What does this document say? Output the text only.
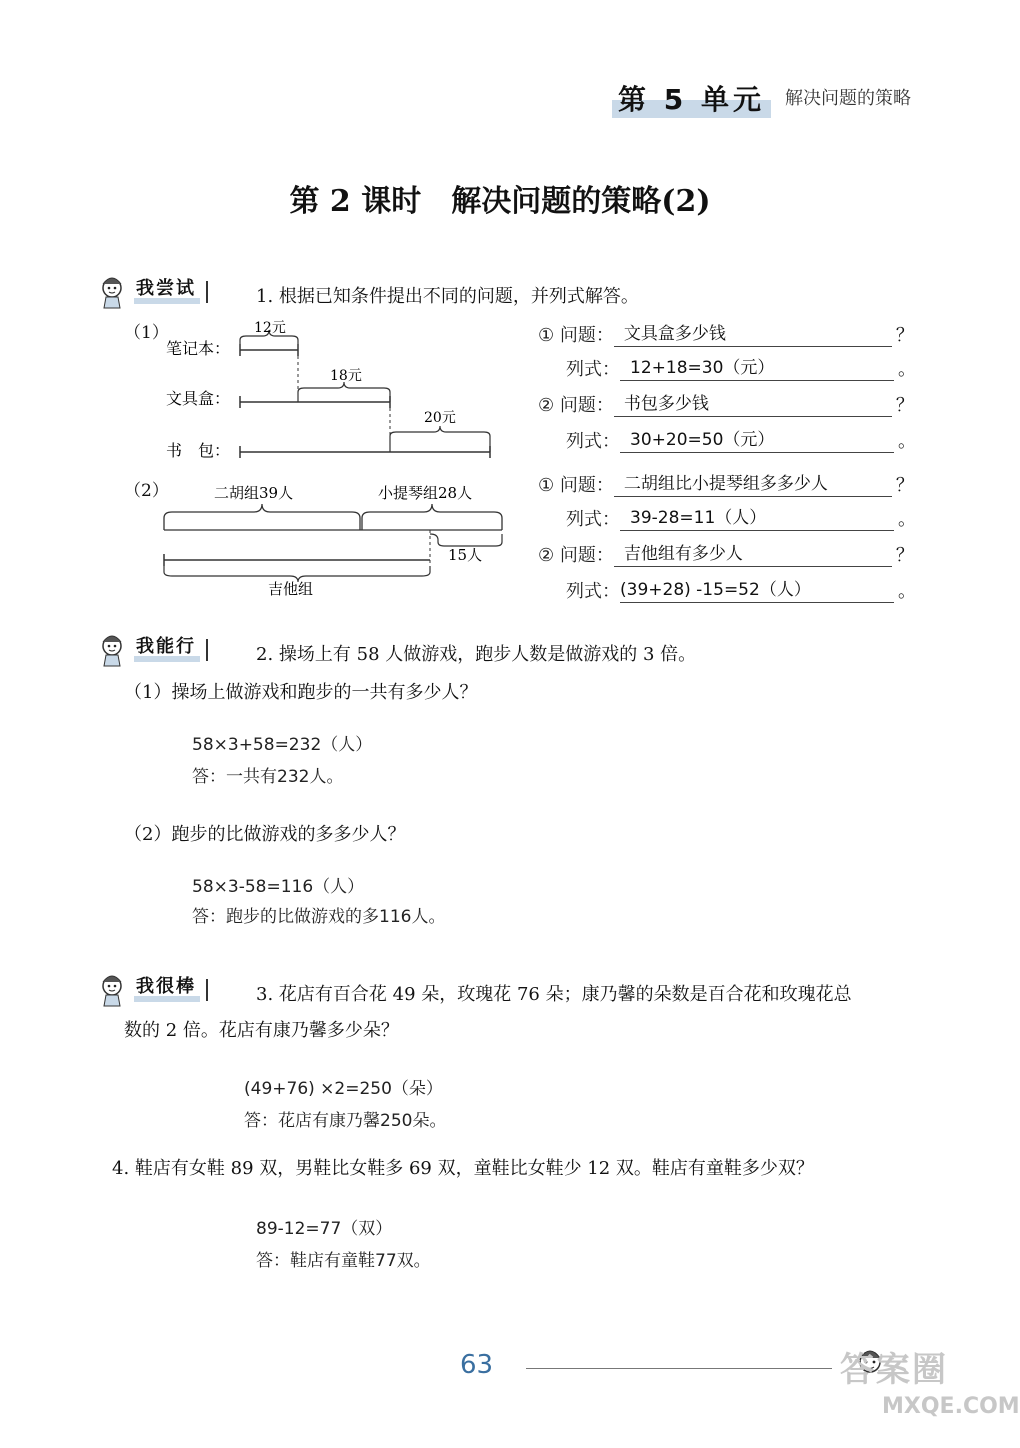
第 5 单元	解决问题的策略
第 2 课时　解决问题的策略(2)
我尝试	1. 根据已知条件提出不同的问题，并列式解答。
（1）
笔记本：
12元
文具盒：
18元
书　包：
20元
（2）	二胡组39人	小提琴组28人
15人
吉他组
① 问题： 文具盒多少钱	？
列式： 12+18=30（元）	。
② 问题： 书包多少钱	？
列式： 30+20=50（元）	。
① 问题： 二胡组比小提琴组多多少人	？
列式： 39-28=11（人）	。
② 问题： 吉他组有多少人	？
列式： (39+28) -15=52（人）	。
我能行	2. 操场上有 58 人做游戏，跑步人数是做游戏的 3 倍。
（1）操场上做游戏和跑步的一共有多少人？
58×3+58=232（人）
答：一共有232人。
（2）跑步的比做游戏的多多少人？
58×3-58=116（人）
答：跑步的比做游戏的多116人。
我很棒	3. 花店有百合花 49 朵，玫瑰花 76 朵；康乃馨的朵数是百合花和玫瑰花总
数的 2 倍。花店有康乃馨多少朵？
(49+76) ×2=250（朵）
答：花店有康乃馨250朵。
4. 鞋店有女鞋 89 双，男鞋比女鞋多 69 双，童鞋比女鞋少 12 双。鞋店有童鞋多少双？
89-12=77（双）
答：鞋店有童鞋77双。
63	答案圈
MXQE.COM
